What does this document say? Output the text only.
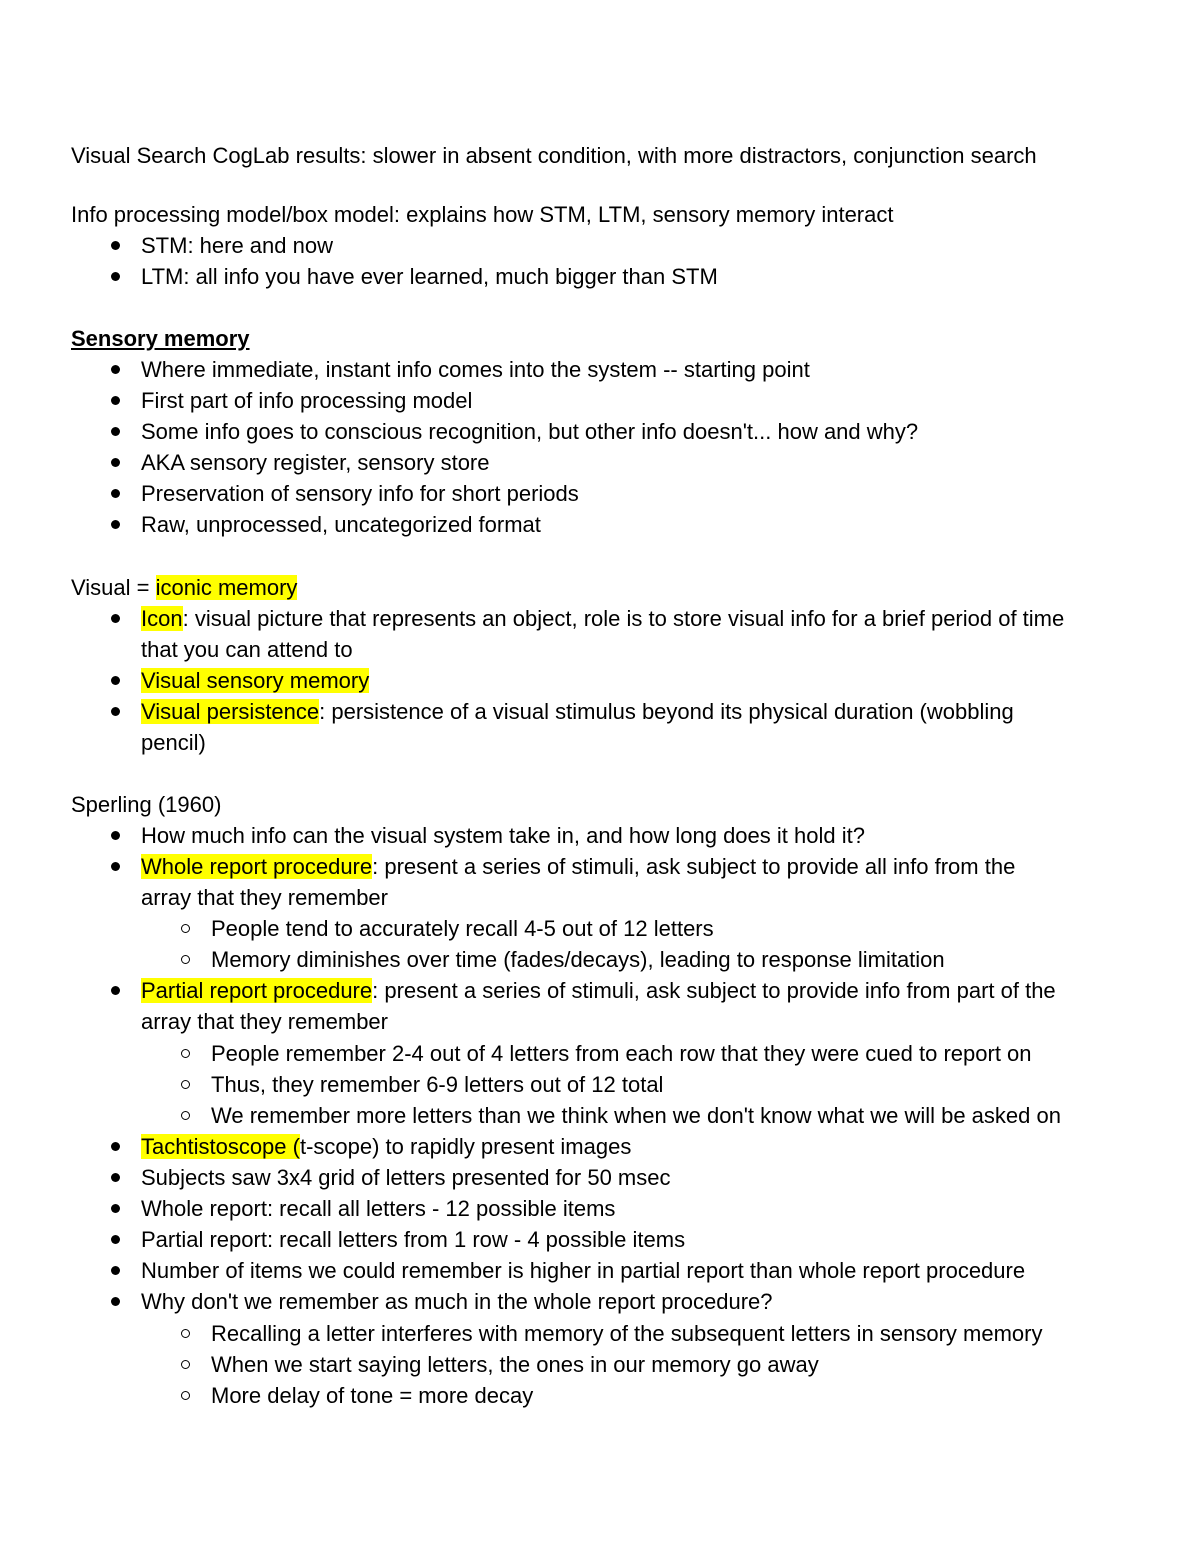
Visual Search CogLab results: slower in absent condition, with more distractors, conjunction search
Info processing model/box model: explains how STM, LTM, sensory memory interact
STM: here and now
LTM: all info you have ever learned, much bigger than STM
Sensory memory
Where immediate, instant info comes into the system -- starting point
First part of info processing model
Some info goes to conscious recognition, but other info doesn't... how and why?
AKA sensory register, sensory store
Preservation of sensory info for short periods
Raw, unprocessed, uncategorized format
Visual = iconic memory
Icon: visual picture that represents an object, role is to store visual info for a brief period of time
that you can attend to
Visual sensory memory
Visual persistence: persistence of a visual stimulus beyond its physical duration (wobbling
pencil)
Sperling (1960)
How much info can the visual system take in, and how long does it hold it?
Whole report procedure: present a series of stimuli, ask subject to provide all info from the
array that they remember
People tend to accurately recall 4-5 out of 12 letters
Memory diminishes over time (fades/decays), leading to response limitation
Partial report procedure: present a series of stimuli, ask subject to provide info from part of the
array that they remember
People remember 2-4 out of 4 letters from each row that they were cued to report on
Thus, they remember 6-9 letters out of 12 total
We remember more letters than we think when we don't know what we will be asked on
Tachtistoscope (t-scope) to rapidly present images
Subjects saw 3x4 grid of letters presented for 50 msec
Whole report: recall all letters - 12 possible items
Partial report: recall letters from 1 row - 4 possible items
Number of items we could remember is higher in partial report than whole report procedure
Why don't we remember as much in the whole report procedure?
Recalling a letter interferes with memory of the subsequent letters in sensory memory
When we start saying letters, the ones in our memory go away
More delay of tone = more decay
